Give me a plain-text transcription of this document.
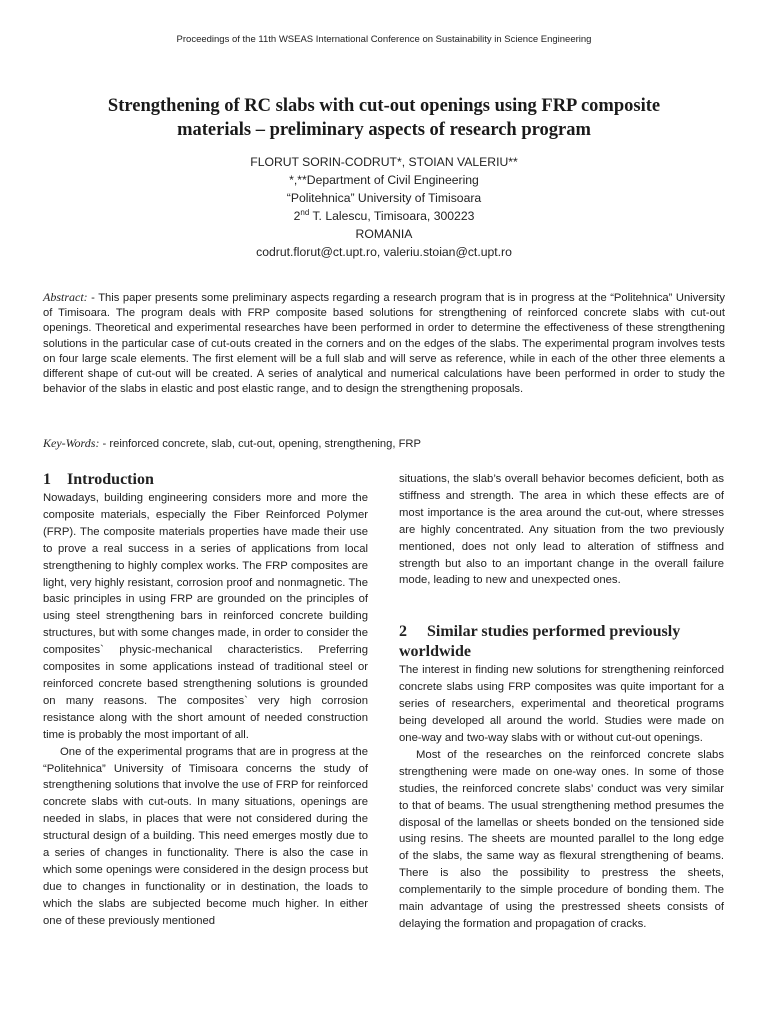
Proceedings of the 11th WSEAS International Conference on Sustainability in Science Engineering
Strengthening of RC slabs with cut-out openings using FRP composite
materials – preliminary aspects of research program
FLORUT SORIN-CODRUT*, STOIAN VALERIU**
*,**Department of Civil Engineering
“Politehnica” University of Timisoara
2nd T. Lalescu, Timisoara, 300223
ROMANIA
codrut.florut@ct.upt.ro, valeriu.stoian@ct.upt.ro
Abstract: - This paper presents some preliminary aspects regarding a research program that is in progress at the “Politehnica” University of Timisoara. The program deals with FRP composite based solutions for strengthening of reinforced concrete slabs with cut-out openings. Theoretical and experimental researches have been performed in order to determine the effectiveness of these strengthening solutions in the particular case of cut-outs created in the corners and on the edges of the slabs. The experimental program involves tests on four large scale elements. The first element will be a full slab and will serve as reference, while in each of the other three elements a different shape of cut-out will be created. A series of analytical and numerical calculations have been performed in order to study the behavior of the slabs in elastic and post elastic range, and to design the strengthening proposals.
Key-Words: - reinforced concrete, slab, cut-out, opening, strengthening, FRP
1 Introduction

Nowadays, building engineering considers more and more the composite materials, especially the Fiber Reinforced Polymer (FRP). The composite materials properties have made their use to prove a real success in a series of applications from local strengthening to highly complex works. The FRP composites are light, very highly resistant, corrosion proof and nonmagnetic. The basic principles in using FRP are grounded on the principles of using steel strengthening bars in reinforced concrete building structures, but with some changes made, in order to consider the composites` physic-mechanical characteristics. Preferring composites in some applications instead of traditional steel or reinforced concrete based strengthening solutions is grounded on many reasons. The composites` very high corrosion resistance along with the short amount of needed construction time is probably the most important of all.

One of the experimental programs that are in progress at the “Politehnica” University of Timisoara concerns the study of strengthening solutions that involve the use of FRP for reinforced concrete slabs with cut-outs. In many situations, openings are needed in slabs, in places that were not considered during the structural design of a building. This need emerges mostly due to a series of changes in functionality. There is also the case in which some openings were considered in the design process but due to changes in functionality or in destination, the loads to which the slabs are subjected become much higher. In either one of these previously mentioned

situations, the slab’s overall behavior becomes deficient, both as stiffness and strength. The area in which these effects are of most importance is the area around the cut-out, where stresses are highly concentrated. Any situation from the two previously mentioned, does not only lead to alteration of stiffness and strength but also to an important change in the overall failure mode, leading to new and unexpected ones.

2 Similar studies performed previously worldwide

The interest in finding new solutions for strengthening reinforced concrete slabs using FRP composites was quite important for a series of researchers, experimental and theoretical programs being developed all around the world. Studies were made on one-way and two-way slabs with or without cut-out openings.

Most of the researches on the reinforced concrete slabs strengthening were made on one-way ones. In some of those studies, the reinforced concrete slabs’ conduct was very similar to that of beams. The usual strengthening method presumes the disposal of the lamellas or sheets bonded on the tensioned side using resins. The sheets are mounted parallel to the long edge of the slabs, the same way as flexural strengthening of beams. There is also the possibility to prestress the sheets, complementarily to the simple procedure of bonding them. The main advantage of using the prestressed sheets consists of delaying the formation and propagation of cracks.
